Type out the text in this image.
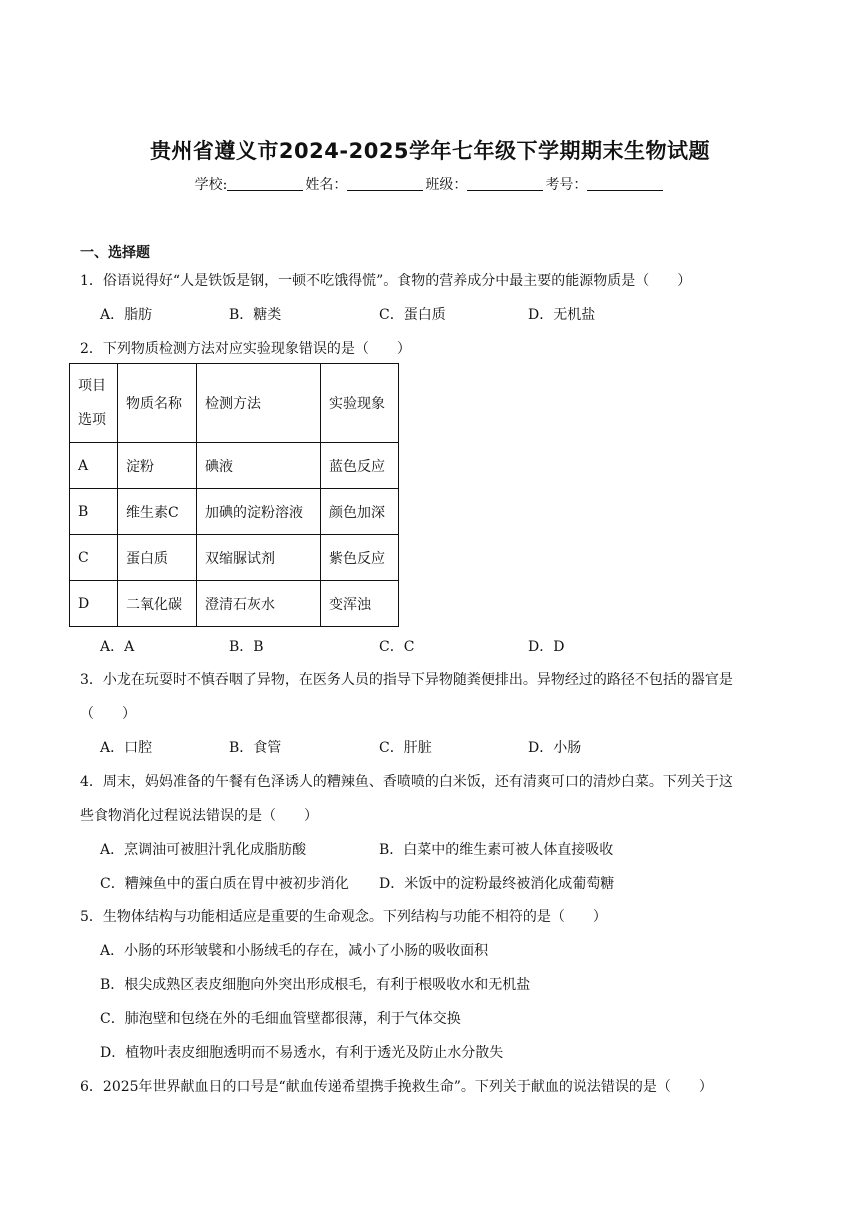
贵州省遵义市2024-2025学年七年级下学期期末生物试题
学校:	姓名：	班级：	考号：
一、选择题
1．俗语说得好“人是铁饭是钢，一顿不吃饿得慌”。食物的营养成分中最主要的能源物质是（　　）
A．脂肪	B．糖类	C．蛋白质	D．无机盐
2．下列物质检测方法对应实验现象错误的是（　　）
项目
选项	物质名称	检测方法	实验现象
A	淀粉	碘液	蓝色反应
B	维生素C	加碘的淀粉溶液	颜色加深
C	蛋白质	双缩脲试剂	紫色反应
D	二氧化碳	澄清石灰水	变浑浊
A．A	B．B	C．C	D．D
3．小龙在玩耍时不慎吞咽了异物，在医务人员的指导下异物随粪便排出。异物经过的路径不包括的器官是
（　　）
A．口腔	B．食管	C．肝脏	D．小肠
4．周末，妈妈准备的午餐有色泽诱人的糟辣鱼、香喷喷的白米饭，还有清爽可口的清炒白菜。下列关于这
些食物消化过程说法错误的是（　　）
A．烹调油可被胆汁乳化成脂肪酸	B．白菜中的维生素可被人体直接吸收
C．糟辣鱼中的蛋白质在胃中被初步消化 D．米饭中的淀粉最终被消化成葡萄糖
5．生物体结构与功能相适应是重要的生命观念。下列结构与功能不相符的是（　　）
A．小肠的环形皱襞和小肠绒毛的存在，减小了小肠的吸收面积
B．根尖成熟区表皮细胞向外突出形成根毛，有利于根吸收水和无机盐
C．肺泡壁和包绕在外的毛细血管壁都很薄，利于气体交换
D．植物叶表皮细胞透明而不易透水，有利于透光及防止水分散失
6．2025年世界献血日的口号是“献血传递希望携手挽救生命”。下列关于献血的说法错误的是（　　）
